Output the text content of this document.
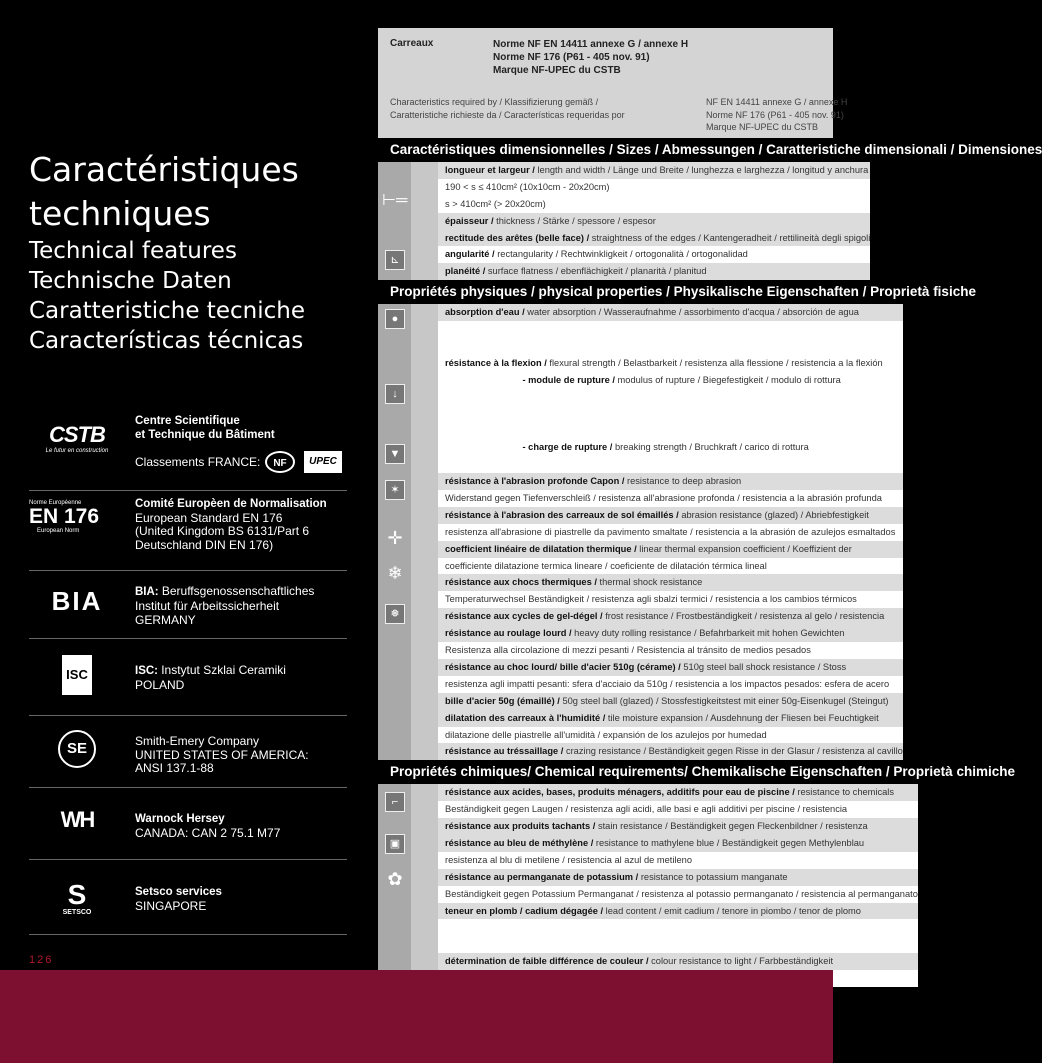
Caractéristiques
techniques
Technical features
Technische Daten
Caratteristiche tecniche
Características técnicas
CSTB
Le futur en construction
Centre Scientifique
et Technique du Bâtiment
Classements FRANCE:	NF	UPEC
Norme Européenne
EN 176
European Norm
Comité Europèen de Normalisation
European Standard EN 176
(United Kingdom BS 6131/Part 6
Deutschland DIN EN 176)
BIA	BIA: Beruffsgenossenschaftliches
Institut für Arbeitssicherheit
GERMANY
ISC	ISC: Instytut Szklai Ceramiki
POLAND
SE	Smith-Emery Company
UNITED STATES OF AMERICA:
ANSI 137.1-88
WH	Warnock Hersey
CANADA: CAN 2 75.1 M77
S
SETSCO
Setsco services
SINGAPORE
126
Carreaux	Norme NF EN 14411 annexe G / annexe H
Norme NF 176 (P61 - 405 nov. 91)
Marque NF-UPEC du CSTB
Characteristics required by / Klassifizierung gemäß /
Caratteristiche richieste da / Características requeridas por
NF EN 14411 annexe G / annexe H
Norme NF 176 (P61 - 405 nov. 91)
Marque NF-UPEC du CSTB
Caractéristiques dimensionnelles / Sizes / Abmessungen / Caratteristiche dimensionali / Dimensiones
⊢═
⊾
longueur et largeur / length and width / Länge und Breite / lunghezza e larghezza / longitud y anchura
190 < s ≤ 410cm² (10x10cm - 20x20cm)
s > 410cm² (> 20x20cm)
épaisseur / thickness / Stärke / spessore / espesor
rectitude des arêtes (belle face) / straightness of the edges / Kantengeradheit / rettilineità degli spigoli
angularité / rectangularity / Rechtwinkligkeit / ortogonalità / ortogonalidad
planéité / surface flatness / ebenflächigkeit / planarità / planitud
Propriétés physiques / physical properties / Physikalische Eigenschaften / Proprietà fisiche
●
↓
▼
✶
✛
❄
❅
absorption d'eau / water absorption / Wasseraufnahme / assorbimento d'acqua / absorción de agua
résistance à la flexion / flexural strength / Belastbarkeit / resistenza alla flessione / resistencia a la flexión
- module de rupture / modulus of rupture / Biegefestigkeit / modulo di rottura
- charge de rupture / breaking strength / Bruchkraft / carico di rottura
résistance à l'abrasion profonde Capon / resistance to deep abrasion
Widerstand gegen Tiefenverschleiß / resistenza all'abrasione profonda / resistencia a la abrasión profunda
résistance à l'abrasion des carreaux de sol émaillés / abrasion resistance (glazed) / Abriebfestigkeit
resistenza all'abrasione di piastrelle da pavimento smaltate / resistencia a la abrasión de azulejos esmaltados
coefficient linéaire de dilatation thermique / linear thermal expansion coefficient / Koeffizient der
coefficiente dilatazione termica lineare / coeficiente de dilatación térmica lineal
résistance aux chocs thermiques / thermal shock resistance
Temperaturwechsel Beständigkeit / resistenza agli sbalzi termici / resistencia a los cambios térmicos
résistance aux cycles de gel-dégel / frost resistance / Frostbeständigkeit / resistenza al gelo / resistencia
résistance au roulage lourd / heavy duty rolling resistance / Befahrbarkeit mit hohen Gewichten
Resistenza alla circolazione di mezzi pesanti / Resistencia al tránsito de medios pesados
résistance au choc lourd/ bille d'acier 510g (cérame) / 510g steel ball shock resistance / Stoss
resistenza agli impatti pesanti: sfera d'acciaio da 510g / resistencia a los impactos pesados: esfera de acero
bille d'acier 50g (émaillé) / 50g steel ball (glazed) / Stossfestigkeitstest mit einer 50g-Eisenkugel (Steingut)
dilatation des carreaux à l'humidité / tile moisture expansion / Ausdehnung der Fliesen bei Feuchtigkeit
dilatazione delle piastrelle all'umidità / expansión de los azulejos por humedad
résistance au tréssaillage / crazing resistance / Beständigkeit gegen Risse in der Glasur / resistenza al cavillo
Propriétés chimiques/ Chemical requirements/ Chemikalische Eigenschaften / Proprietà chimiche
⌐
▣
✿
résistance aux acides, bases, produits ménagers, additifs pour eau de piscine / resistance to chemicals
Beständigkeit gegen Laugen / resistenza agli acidi, alle basi e agli additivi per piscine / resistencia
résistance aux produits tachants / stain resistance / Beständigkeit gegen Fleckenbildner / resistenza
résistance au bleu de méthylène / resistance to mathylene blue / Beständigkeit gegen Methylenblau
resistenza al blu di metilene / resistencia al azul de metileno
résistance au permanganate de potassium / resistance to potassium manganate
Beständigkeit gegen Potassium Permanganat / resistenza al potassio permanganato / resistencia al permanganato
teneur en plomb / cadium dégagée / lead content / emit cadium / tenore in piombo / tenor de plomo
détermination de faible différence de couleur / colour resistance to light / Farbbeständigkeit
